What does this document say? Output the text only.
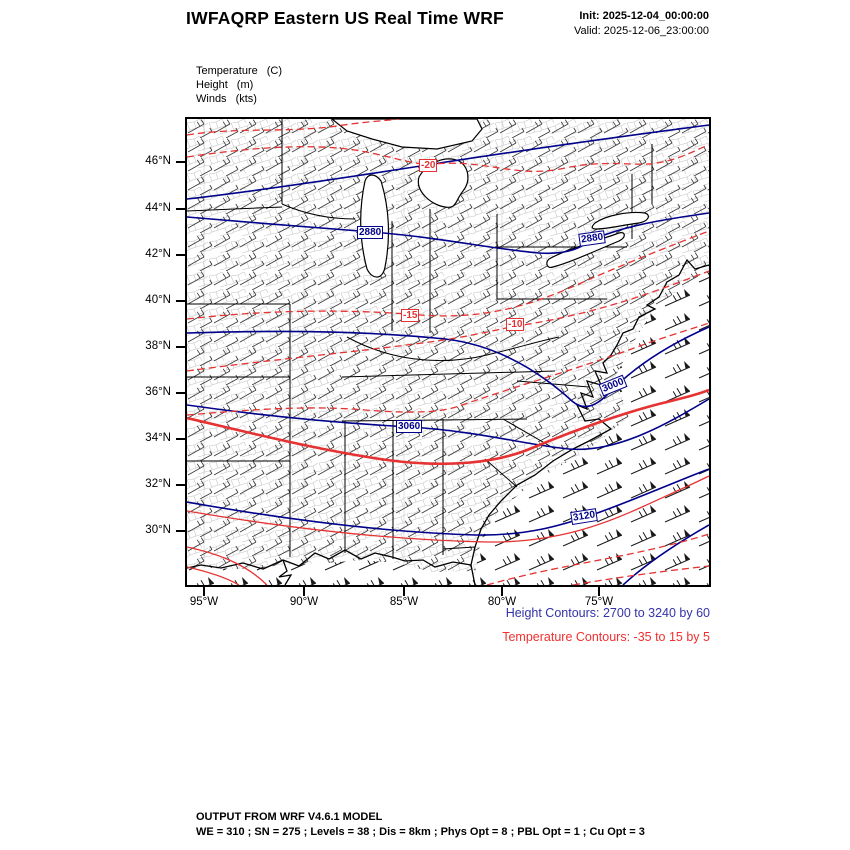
IWFAQRP Eastern US Real Time WRF	Init: 2025-12-04_00:00:00
Valid: 2025-12-06_23:00:00
Temperature (C)
Height (m)
Winds (kts)
2880	2880
3000
3060
3120
-20
-15
-10
46°N
44°N
42°N
40°N
38°N
36°N
34°N
32°N
30°N
95°W	90°W	85°W	80°W	75°W
Height Contours: 2700 to 3240 by 60
Temperature Contours: -35 to 15 by 5
OUTPUT FROM WRF V4.6.1 MODEL
WE = 310 ; SN = 275 ; Levels = 38 ; Dis = 8km ; Phys Opt = 8 ; PBL Opt = 1 ; Cu Opt = 3
